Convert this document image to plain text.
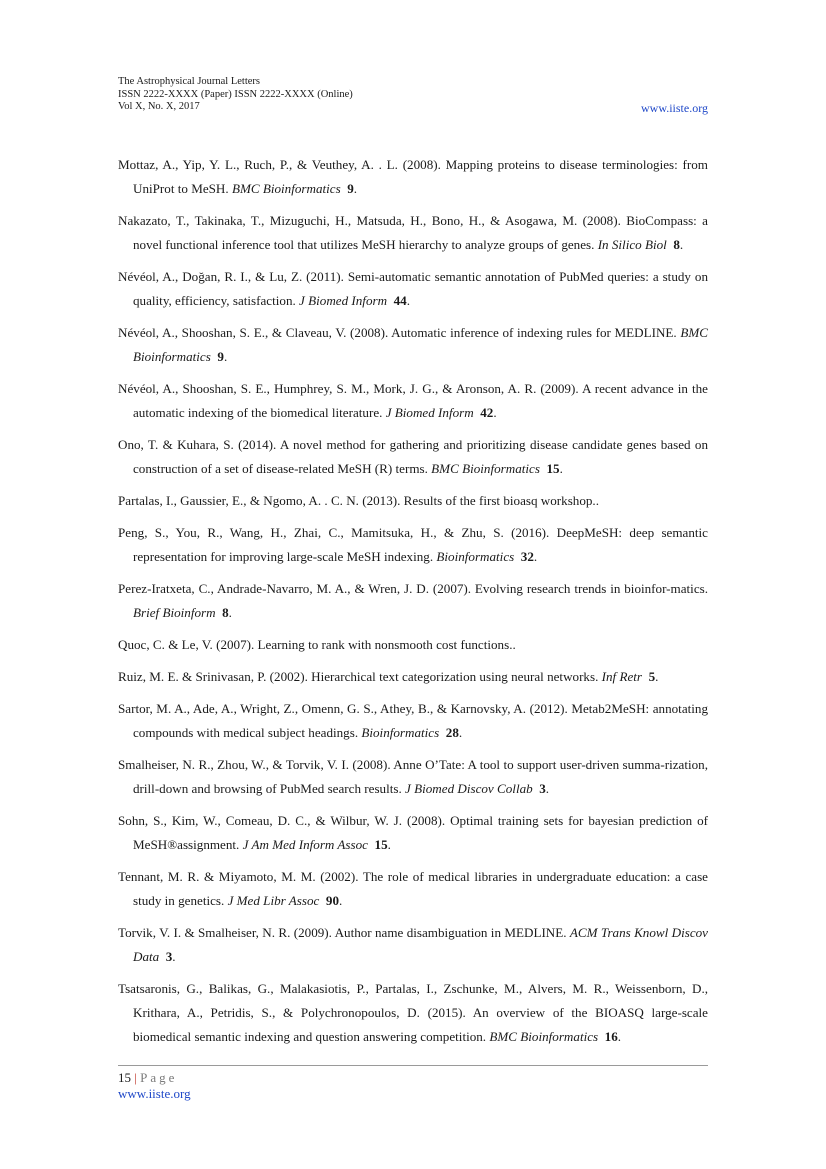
The Astrophysical Journal Letters
ISSN 2222-XXXX (Paper) ISSN 2222-XXXX (Online)
Vol X, No. X, 2017	www.iiste.org

Mottaz, A., Yip, Y. L., Ruch, P., & Veuthey, A. . L. (2008). Mapping proteins to disease terminologies: from UniProt to MeSH. BMC Bioinformatics 9.

Nakazato, T., Takinaka, T., Mizuguchi, H., Matsuda, H., Bono, H., & Asogawa, M. (2008). BioCompass: a novel functional inference tool that utilizes MeSH hierarchy to analyze groups of genes. In Silico Biol 8.

Névéol, A., Doğan, R. I., & Lu, Z. (2011). Semi-automatic semantic annotation of PubMed queries: a study on quality, efficiency, satisfaction. J Biomed Inform 44.

Névéol, A., Shooshan, S. E., & Claveau, V. (2008). Automatic inference of indexing rules for MEDLINE. BMC Bioinformatics 9.

Névéol, A., Shooshan, S. E., Humphrey, S. M., Mork, J. G., & Aronson, A. R. (2009). A recent advance in the automatic indexing of the biomedical literature. J Biomed Inform 42.

Ono, T. & Kuhara, S. (2014). A novel method for gathering and prioritizing disease candidate genes based on construction of a set of disease-related MeSH (R) terms. BMC Bioinformatics 15.

Partalas, I., Gaussier, E., & Ngomo, A. . C. N. (2013). Results of the first bioasq workshop..

Peng, S., You, R., Wang, H., Zhai, C., Mamitsuka, H., & Zhu, S. (2016). DeepMeSH: deep semantic representation for improving large-scale MeSH indexing. Bioinformatics 32.

Perez-Iratxeta, C., Andrade-Navarro, M. A., & Wren, J. D. (2007). Evolving research trends in bioinfor-matics. Brief Bioinform 8.

Quoc, C. & Le, V. (2007). Learning to rank with nonsmooth cost functions..

Ruiz, M. E. & Srinivasan, P. (2002). Hierarchical text categorization using neural networks. Inf Retr 5.

Sartor, M. A., Ade, A., Wright, Z., Omenn, G. S., Athey, B., & Karnovsky, A. (2012). Metab2MeSH: annotating compounds with medical subject headings. Bioinformatics 28.

Smalheiser, N. R., Zhou, W., & Torvik, V. I. (2008). Anne O’Tate: A tool to support user-driven summa-rization, drill-down and browsing of PubMed search results. J Biomed Discov Collab 3.

Sohn, S., Kim, W., Comeau, D. C., & Wilbur, W. J. (2008). Optimal training sets for bayesian prediction of MeSH®assignment. J Am Med Inform Assoc 15.

Tennant, M. R. & Miyamoto, M. M. (2002). The role of medical libraries in undergraduate education: a case study in genetics. J Med Libr Assoc 90.

Torvik, V. I. & Smalheiser, N. R. (2009). Author name disambiguation in MEDLINE. ACM Trans Knowl Discov Data 3.

Tsatsaronis, G., Balikas, G., Malakasiotis, P., Partalas, I., Zschunke, M., Alvers, M. R., Weissenborn, D., Krithara, A., Petridis, S., & Polychronopoulos, D. (2015). An overview of the BIOASQ large-scale biomedical semantic indexing and question answering competition. BMC Bioinformatics 16.

15 | Page
www.iiste.org
